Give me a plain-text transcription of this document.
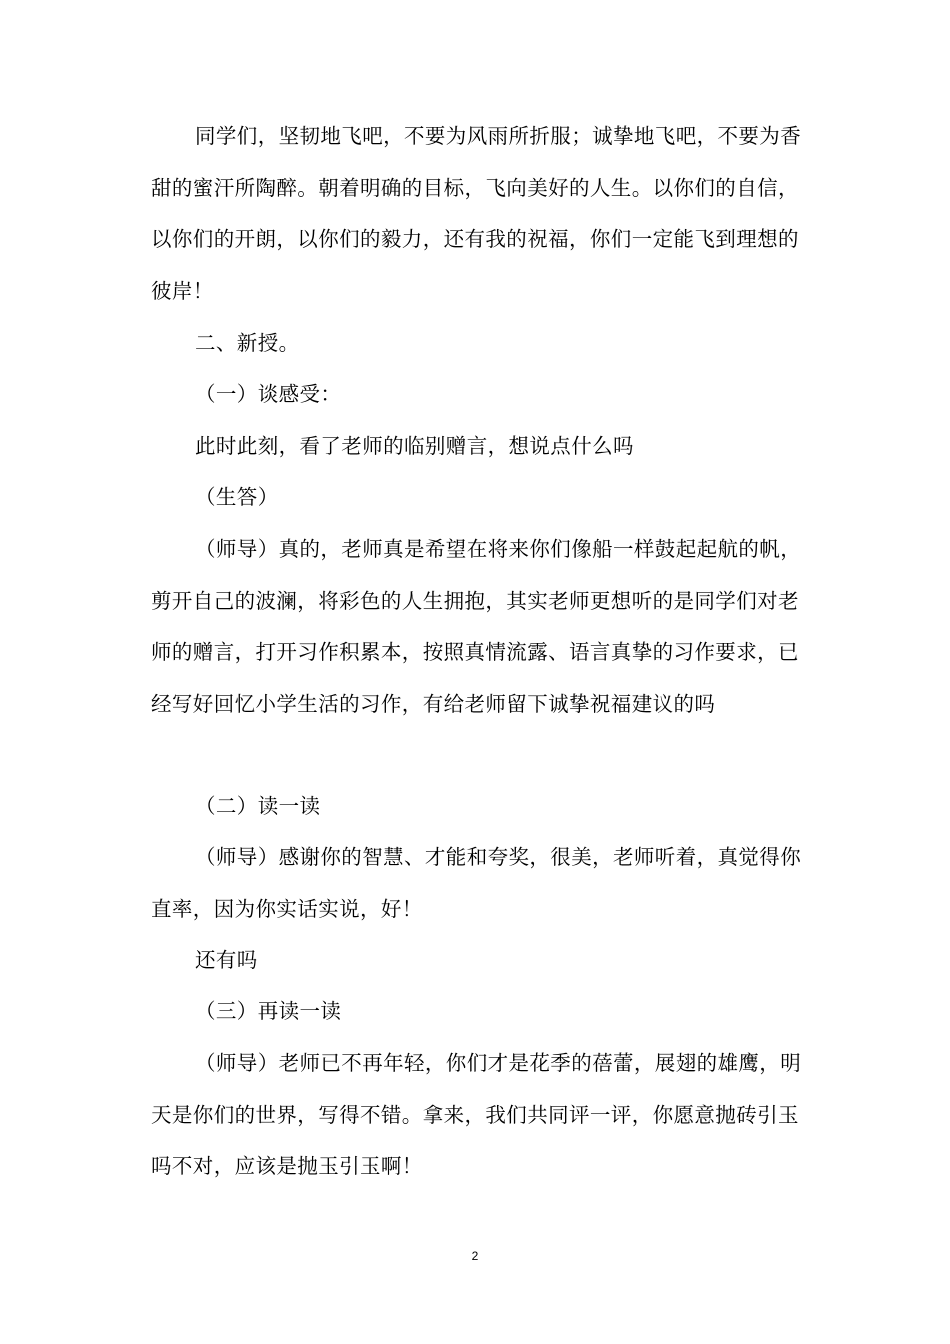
同学们，坚韧地飞吧，不要为风雨所折服；诚挚地飞吧，不要为香甜的蜜汗所陶醉。朝着明确的目标，飞向美好的人生。以你们的自信，以你们的开朗，以你们的毅力，还有我的祝福，你们一定能飞到理想的彼岸！

二、新授。

（一）谈感受：

此时此刻，看了老师的临别赠言，想说点什么吗

（生答）

（师导）真的，老师真是希望在将来你们像船一样鼓起起航的帆，剪开自己的波澜，将彩色的人生拥抱，其实老师更想听的是同学们对老师的赠言，打开习作积累本，按照真情流露、语言真挚的习作要求，已经写好回忆小学生活的习作，有给老师留下诚挚祝福建议的吗

（二）读一读

（师导）感谢你的智慧、才能和夸奖，很美，老师听着，真觉得你直率，因为你实话实说，好！

还有吗

（三）再读一读

（师导）老师已不再年轻，你们才是花季的蓓蕾，展翅的雄鹰，明天是你们的世界，写得不错。拿来，我们共同评一评，你愿意抛砖引玉吗不对，应该是抛玉引玉啊！

2
